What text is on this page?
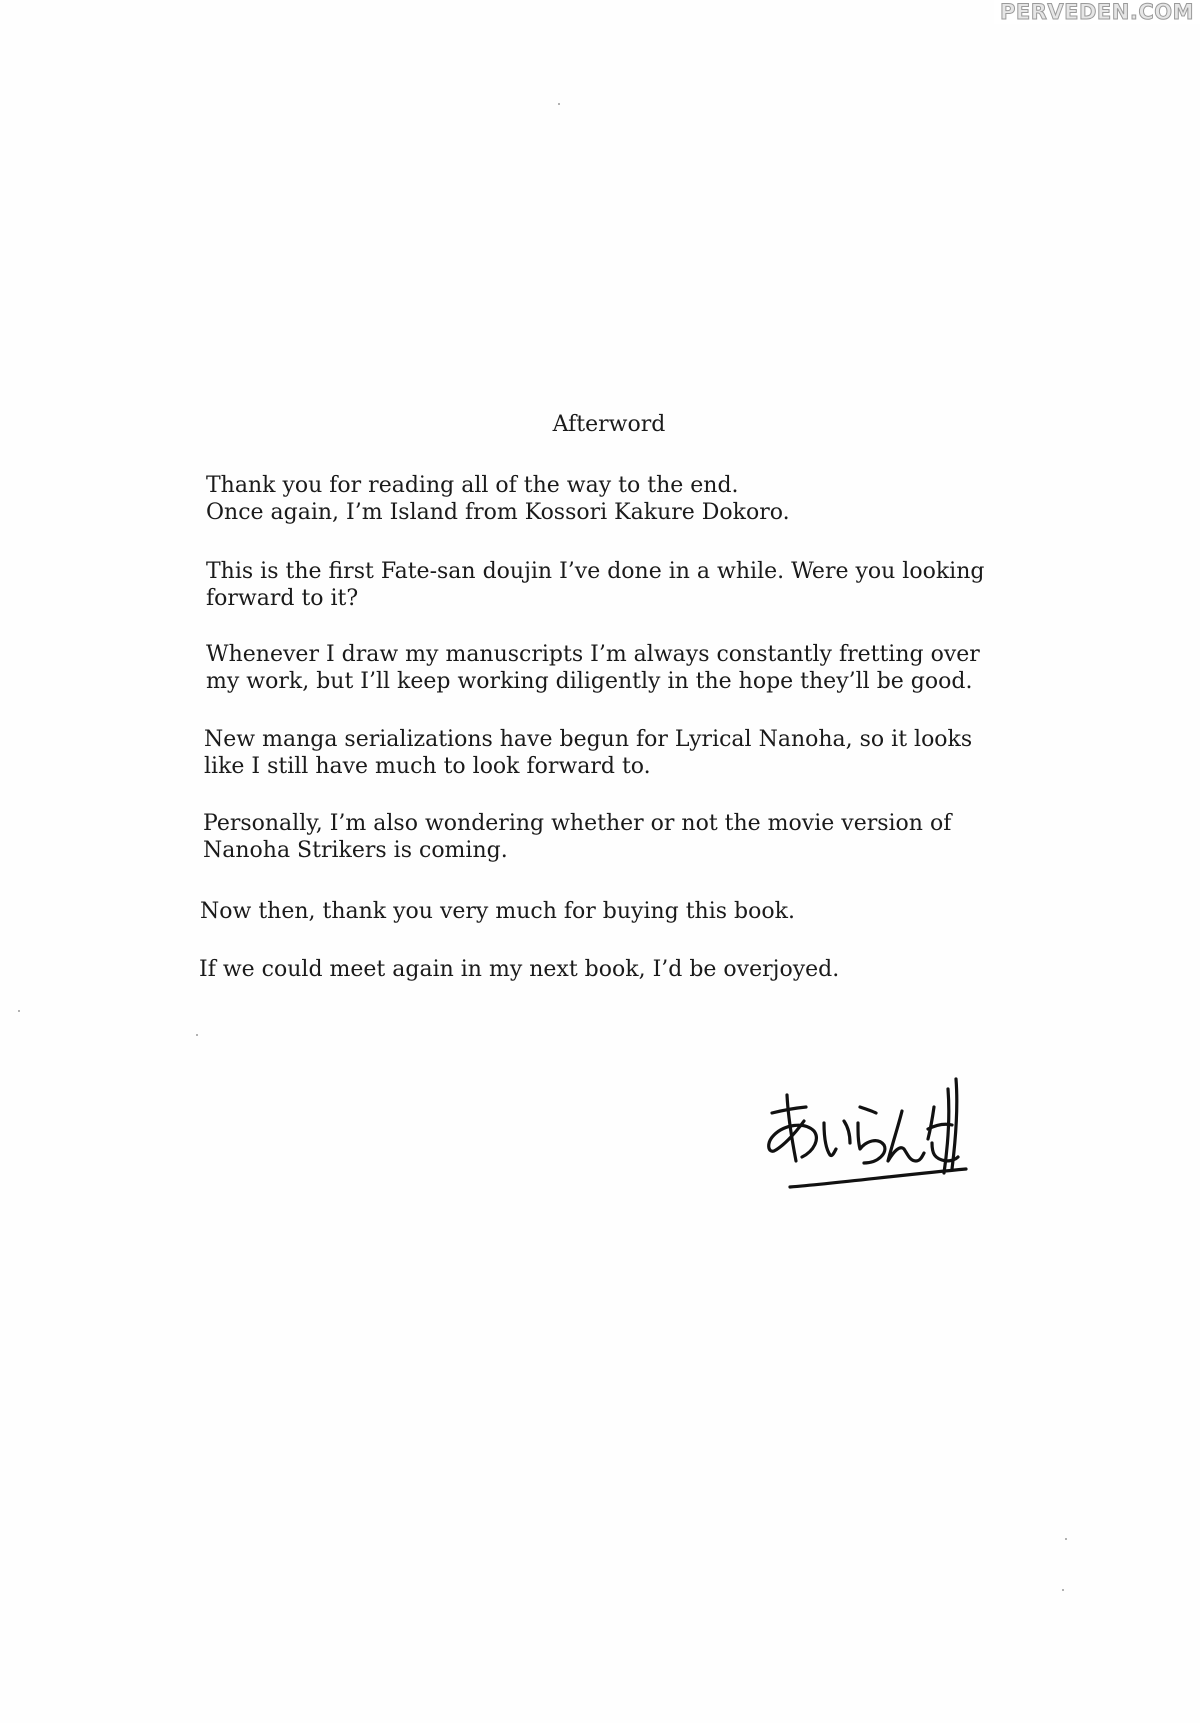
PERVEDEN.COM
Afterword

Thank you for reading all of the way to the end.
Once again, I’m Island from Kossori Kakure Dokoro.

This is the first Fate-san doujin I’ve done in a while. Were you looking
forward to it?

Whenever I draw my manuscripts I’m always constantly fretting over
my work, but I’ll keep working diligently in the hope they’ll be good.

New manga serializations have begun for Lyrical Nanoha, so it looks
like I still have much to look forward to.

Personally, I’m also wondering whether or not the movie version of
Nanoha Strikers is coming.

Now then, thank you very much for buying this book.

If we could meet again in my next book, I’d be overjoyed.
